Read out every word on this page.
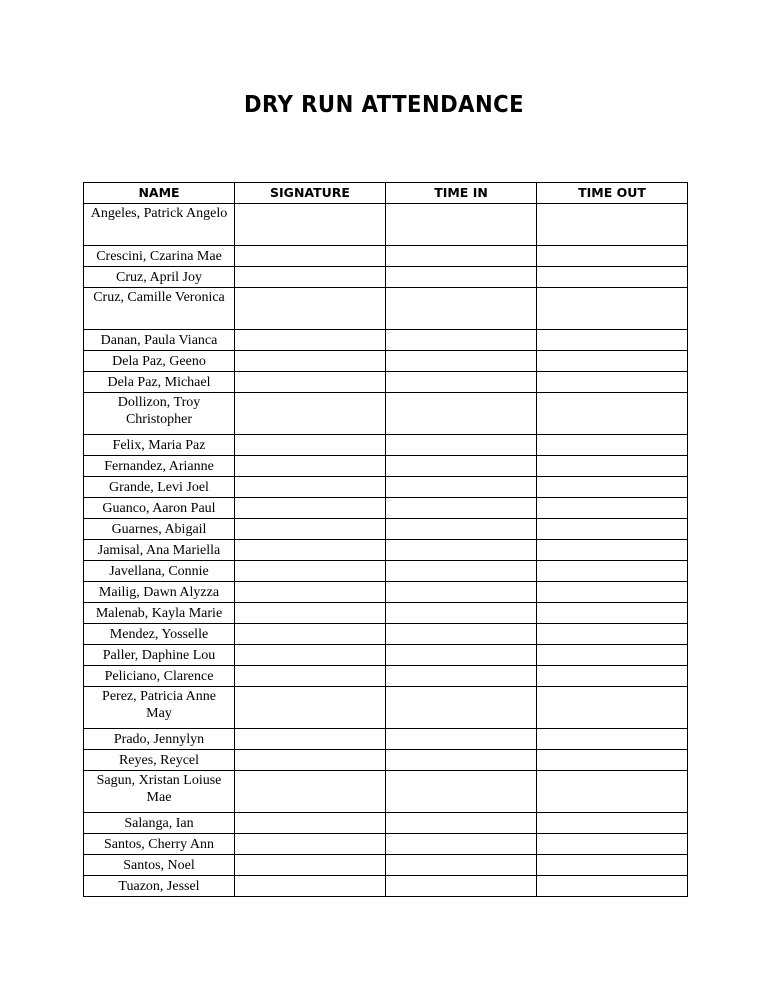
DRY RUN ATTENDANCE
NAME	SIGNATURE	TIME IN	TIME OUT
Angeles, Patrick Angelo			
Crescini, Czarina Mae			
Cruz, April Joy			
Cruz, Camille Veronica			
Danan, Paula Vianca			
Dela Paz, Geeno			
Dela Paz, Michael			
Dollizon, Troy Christopher			
Felix, Maria Paz			
Fernandez, Arianne			
Grande, Levi Joel			
Guanco, Aaron Paul			
Guarnes, Abigail			
Jamisal, Ana Mariella			
Javellana, Connie			
Mailig, Dawn Alyzza			
Malenab, Kayla Marie			
Mendez, Yosselle			
Paller, Daphine Lou			
Peliciano, Clarence			
Perez, Patricia Anne May			
Prado, Jennylyn			
Reyes, Reycel			
Sagun, Xristan Loiuse Mae			
Salanga, Ian			
Santos, Cherry Ann			
Santos, Noel			
Tuazon, Jessel			
